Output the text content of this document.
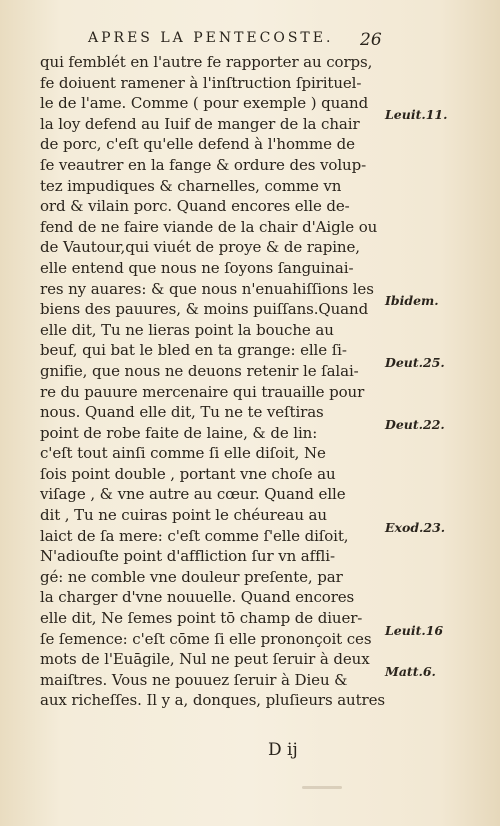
APRES LA PENTECOSTE.	26
qui femblét en l'autre fe rapporter au corps,
fe doiuent ramener à l'inſtruction ſpirituel-
le de l'ame. Comme ( pour exemple ) quand
la loy defend au Iuif de manger de la chair
de porc, c'eſt qu'elle defend à l'homme de
ſe veautrer en la fange & ordure des volup-
tez impudiques & charnelles, comme vn
ord & vilain porc. Quand encores elle de-
fend de ne faire viande de la chair d'Aigle ou
de Vautour,qui viuét de proye & de rapine,
elle entend que nous ne ſoyons ſanguinai-
res ny auares: & que nous n'enuahiſſions les
biens des pauures, & moins puiſſans.Quand
elle dit, Tu ne lieras point la bouche au
beuf, qui bat le bled en ta grange: elle ſi-
gnifie, que nous ne deuons retenir le ſalai-
re du pauure mercenaire qui trauaille pour
nous. Quand elle dit, Tu ne te veſtiras
point de robe faite de laine, & de lin:
c'eſt tout ainſi comme ſi elle diſoit, Ne
ſois point double , portant vne choſe au
viſage , & vne autre au cœur. Quand elle
dit , Tu ne cuiras point le chéureau au
laict de ſa mere: c'eſt comme ſ'elle diſoit,
N'adiouſte point d'affliction ſur vn affli-
gé: ne comble vne douleur preſente, par
la charger d'vne nouuelle. Quand encores
elle dit, Ne ſemes point tō champ de diuer-
ſe ſemence: c'eſt cōme ſi elle prononçoit ces
mots de l'Euāgile, Nul ne peut ſeruir à deux
maiſtres. Vous ne pouuez ſeruir à Dieu &
aux richeſſes. Il y a, donques, pluſieurs autres
Leuit.11.
Ibidem.
Deut.25.
Deut.22.
Exod.23.
Leuit.16
Matt.6.
D ij
